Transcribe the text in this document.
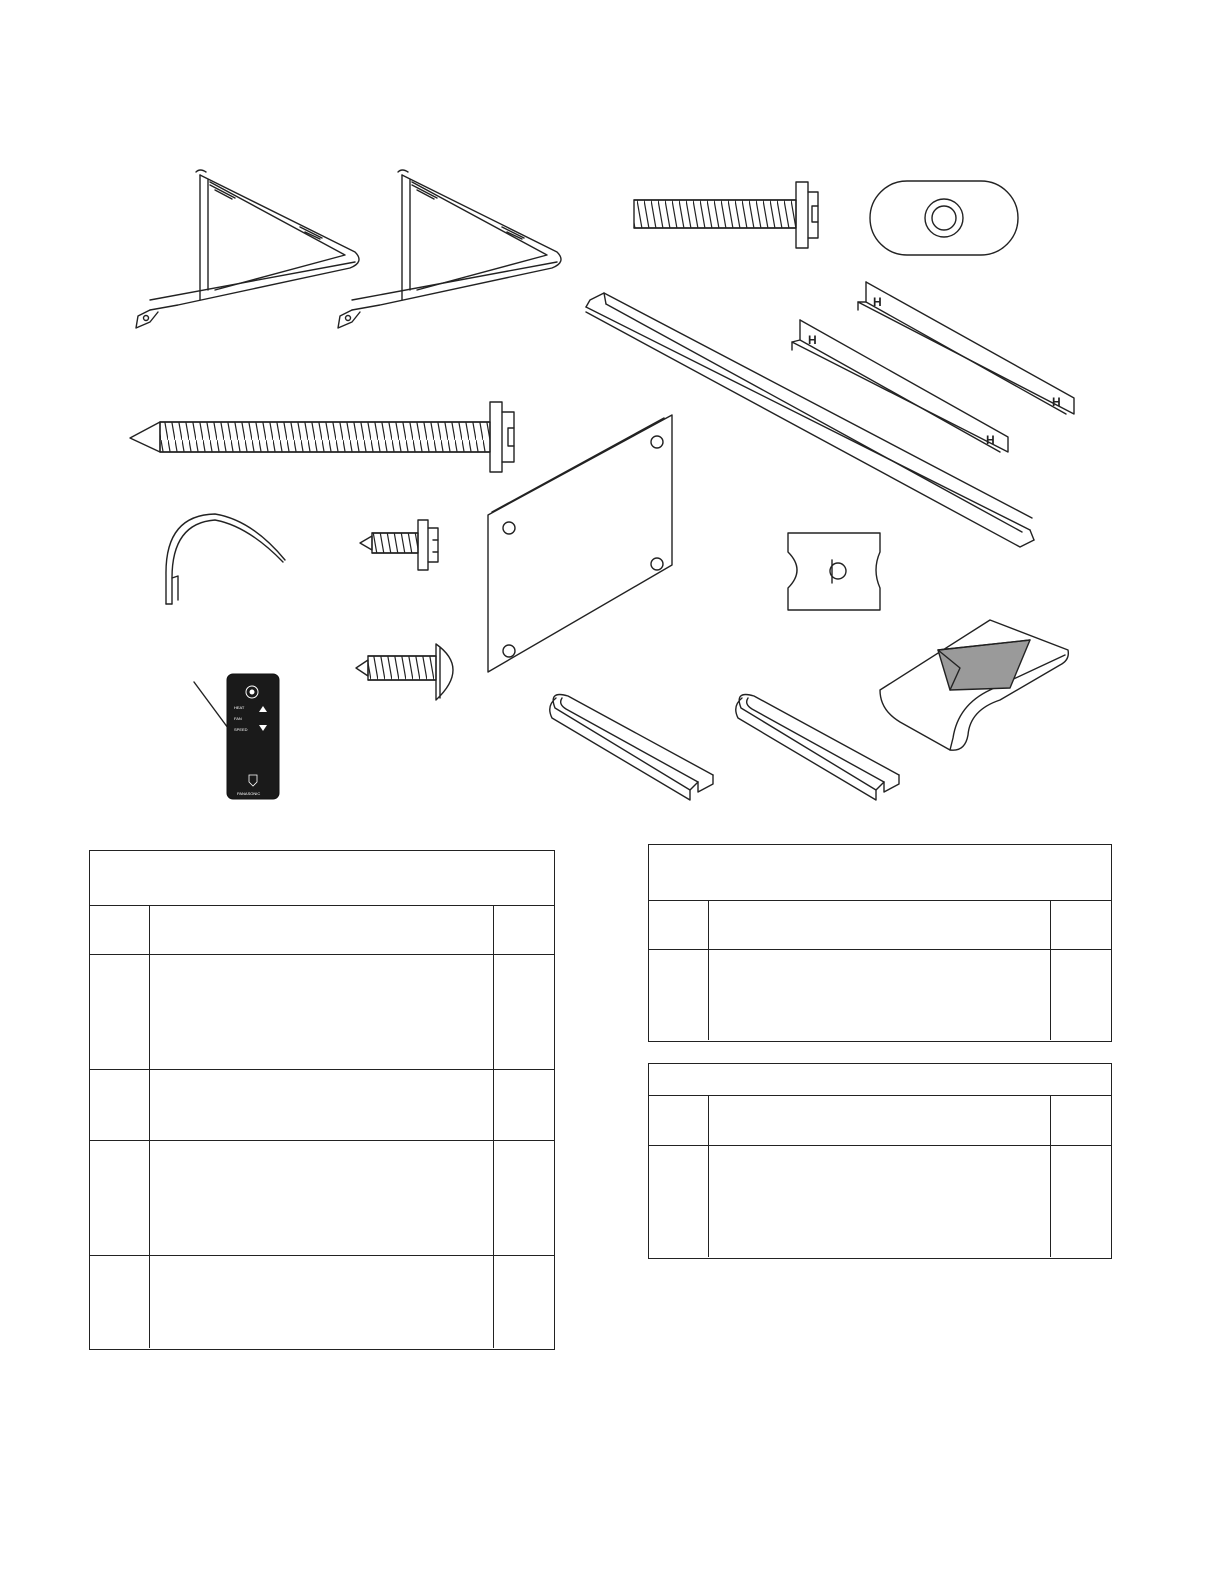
H
H
H
H
HEAT
FAN
SPEED
PANASONIC
